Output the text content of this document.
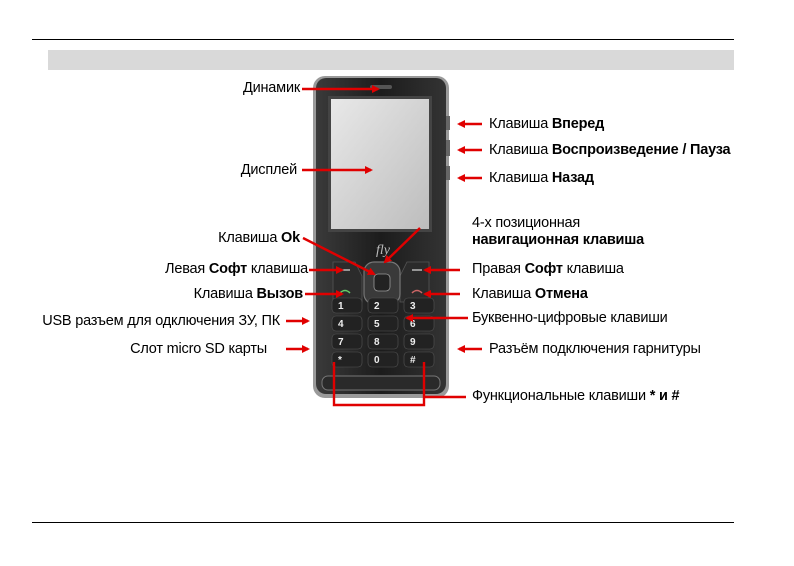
fly
1	2	3
4	5	6
7	8	9
*	0	#
Динамик
Дисплей
Клавиша Ok
Левая Софт клавиша
Клавиша Вызов
USB разъем для одключения ЗУ, ПК
Слот micro SD карты
Клавиша Вперед
Клавиша Воспроизведение / Пауза
Клавиша Назад
4-х позиционная
навигационная клавиша
Правая Софт клавиша
Клавиша Отмена
Буквенно-цифровые клавиши
Разъём подключения гарнитуры
Функциональные клавиши * и #
